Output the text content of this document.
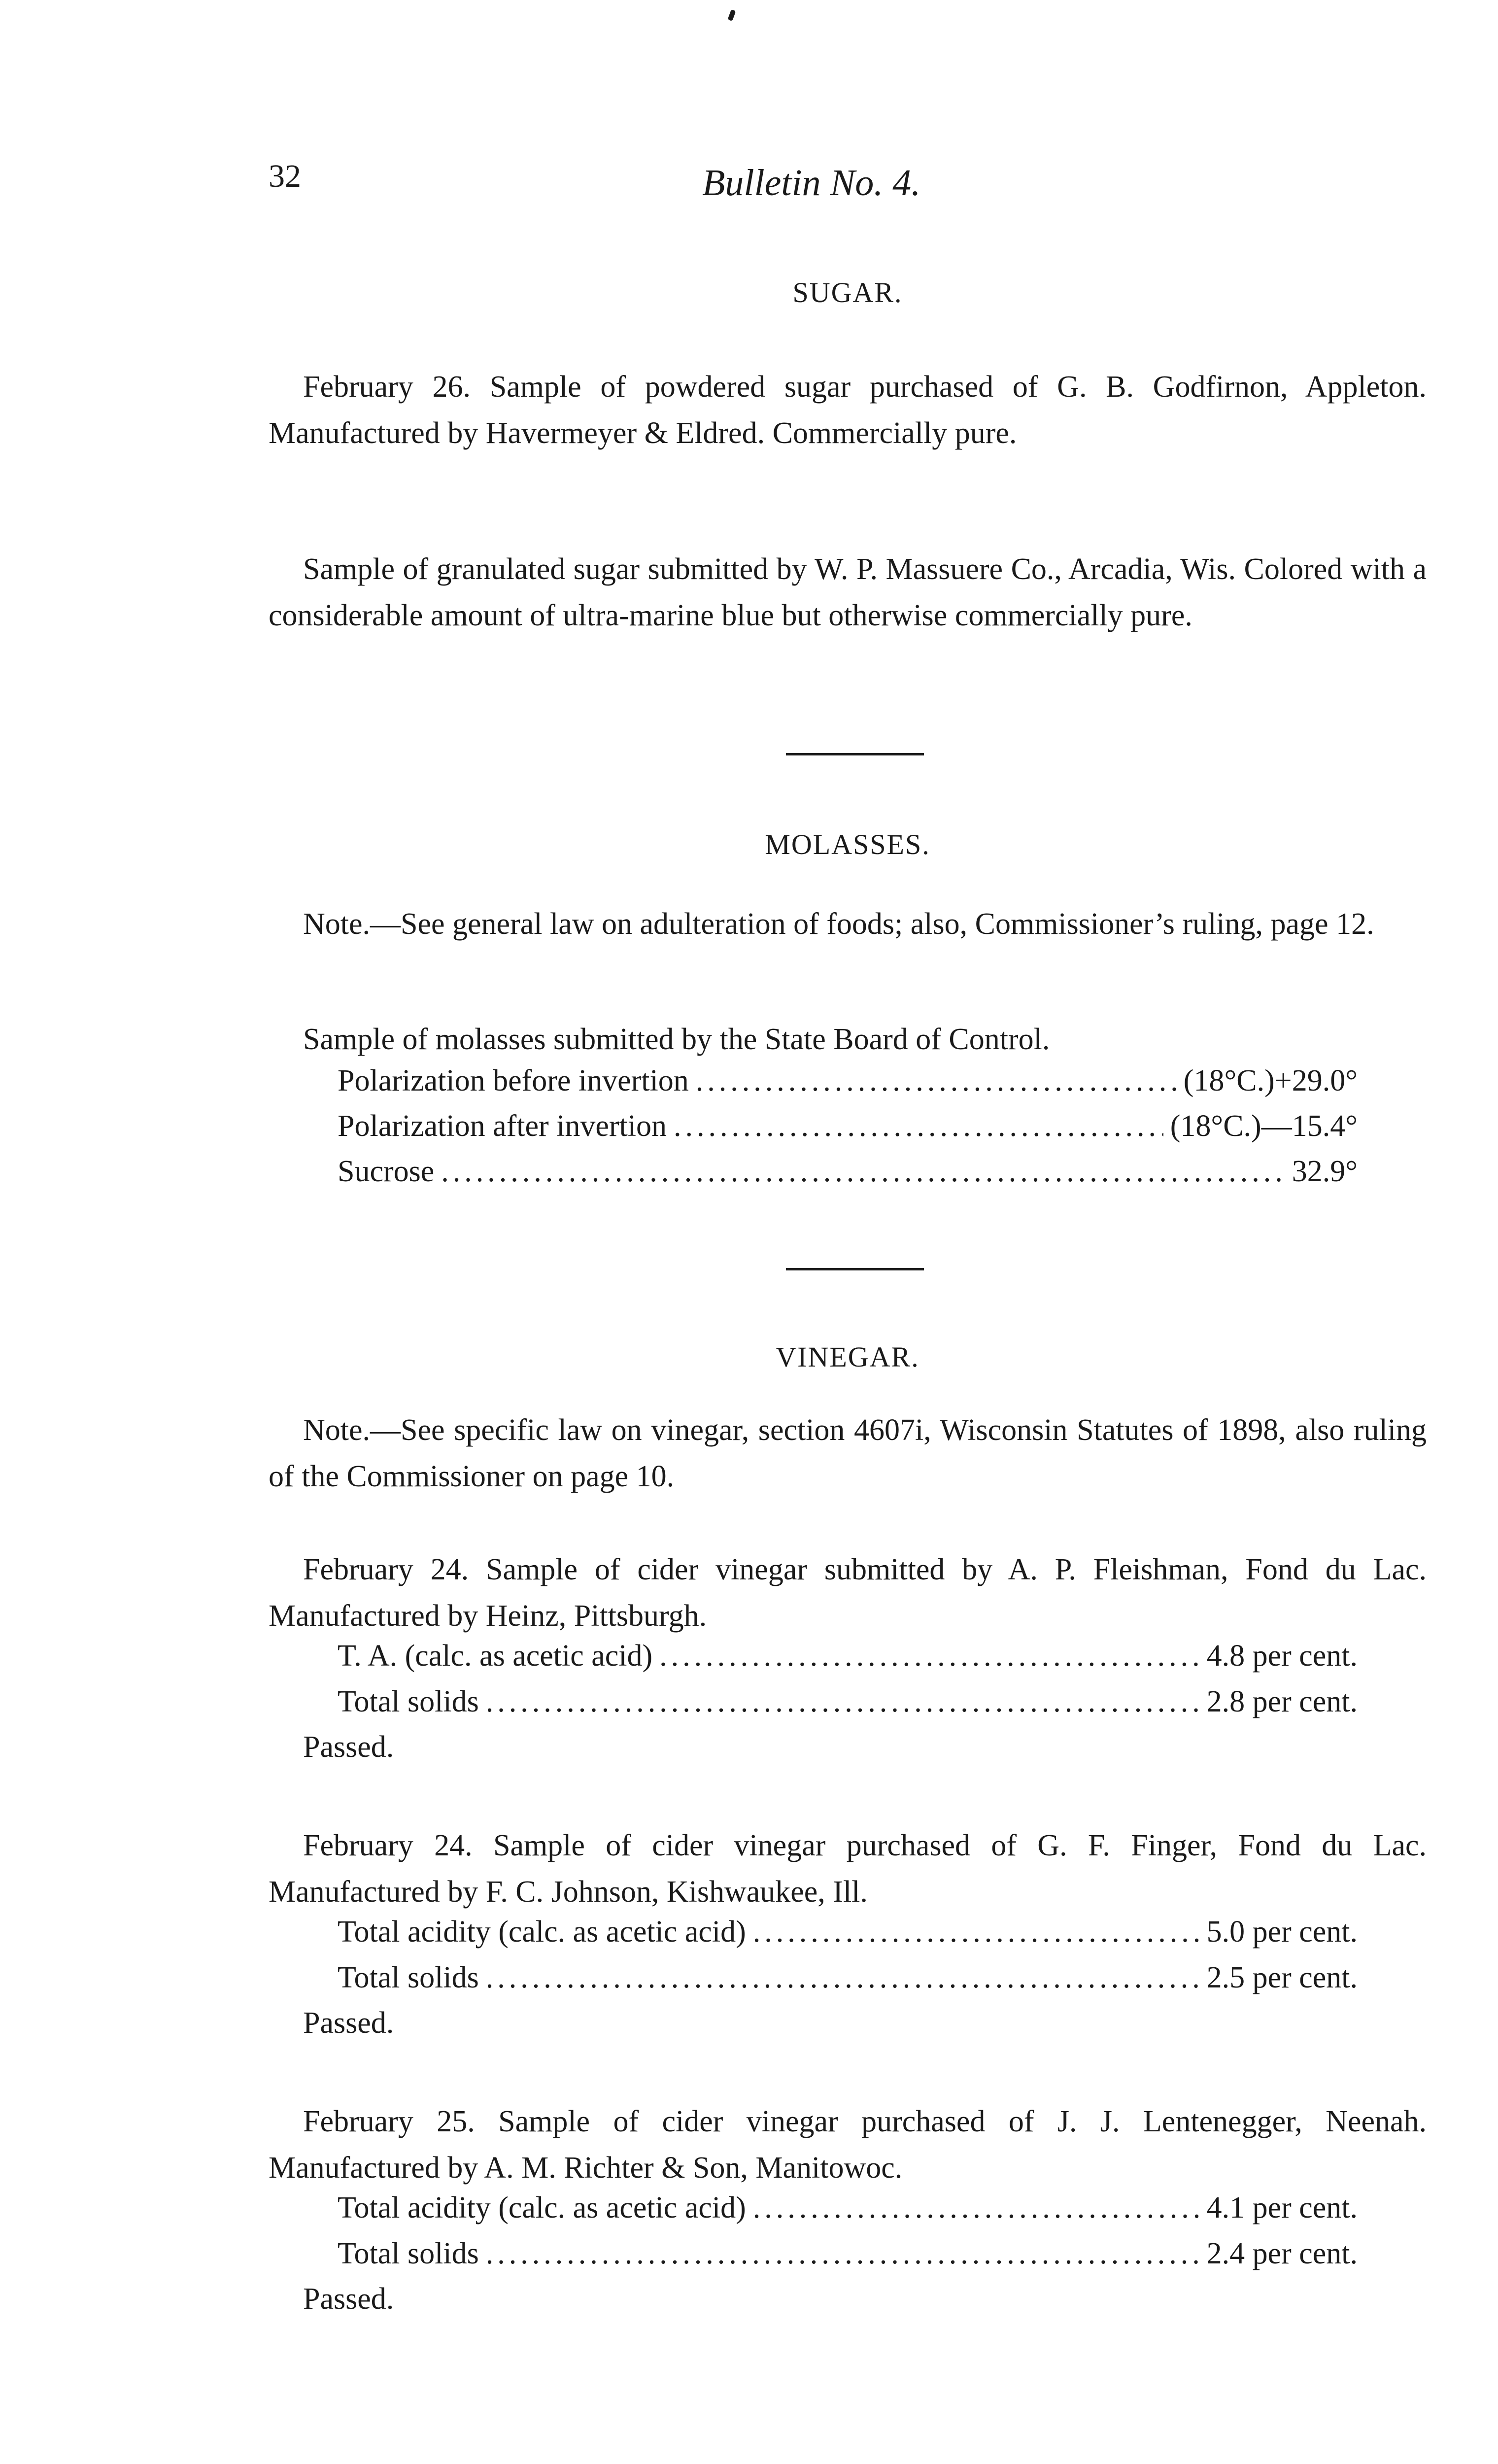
32	Bulletin No. 4.
SUGAR.
February 26. Sample of powdered sugar purchased of G. B. Godfirnon, Appleton. Manufactured by Havermeyer & Eldred. Commercially pure.
Sample of granulated sugar submitted by W. P. Massuere Co., Arcadia, Wis. Colored with a considerable amount of ultra-marine blue but otherwise commercially pure.
MOLASSES.
Note.—See general law on adulteration of foods; also, Commissioner’s ruling, page 12.
Sample of molasses submitted by the State Board of Control.
Polarization before invertion .....	(18°C.)+29.0°
Polarization after invertion .....	(18°C.)—15.4°
Sucrose .....	32.9°
VINEGAR.
Note.—See specific law on vinegar, section 4607i, Wisconsin Statutes of 1898, also ruling of the Commissioner on page 10.
February 24. Sample of cider vinegar submitted by A. P. Fleishman, Fond du Lac. Manufactured by Heinz, Pittsburgh.
T. A. (calc. as acetic acid) .....	4.8 per cent.
Total solids .....	2.8 per cent.
Passed.
February 24. Sample of cider vinegar purchased of G. F. Finger, Fond du Lac. Manufactured by F. C. Johnson, Kishwaukee, Ill.
Total acidity (calc. as acetic acid) .....	5.0 per cent.
Total solids .....	2.5 per cent.
Passed.
February 25. Sample of cider vinegar purchased of J. J. Lentenegger, Neenah. Manufactured by A. M. Richter & Son, Manitowoc.
Total acidity (calc. as acetic acid) .....	4.1 per cent.
Total solids .....	2.4 per cent.
Passed.
